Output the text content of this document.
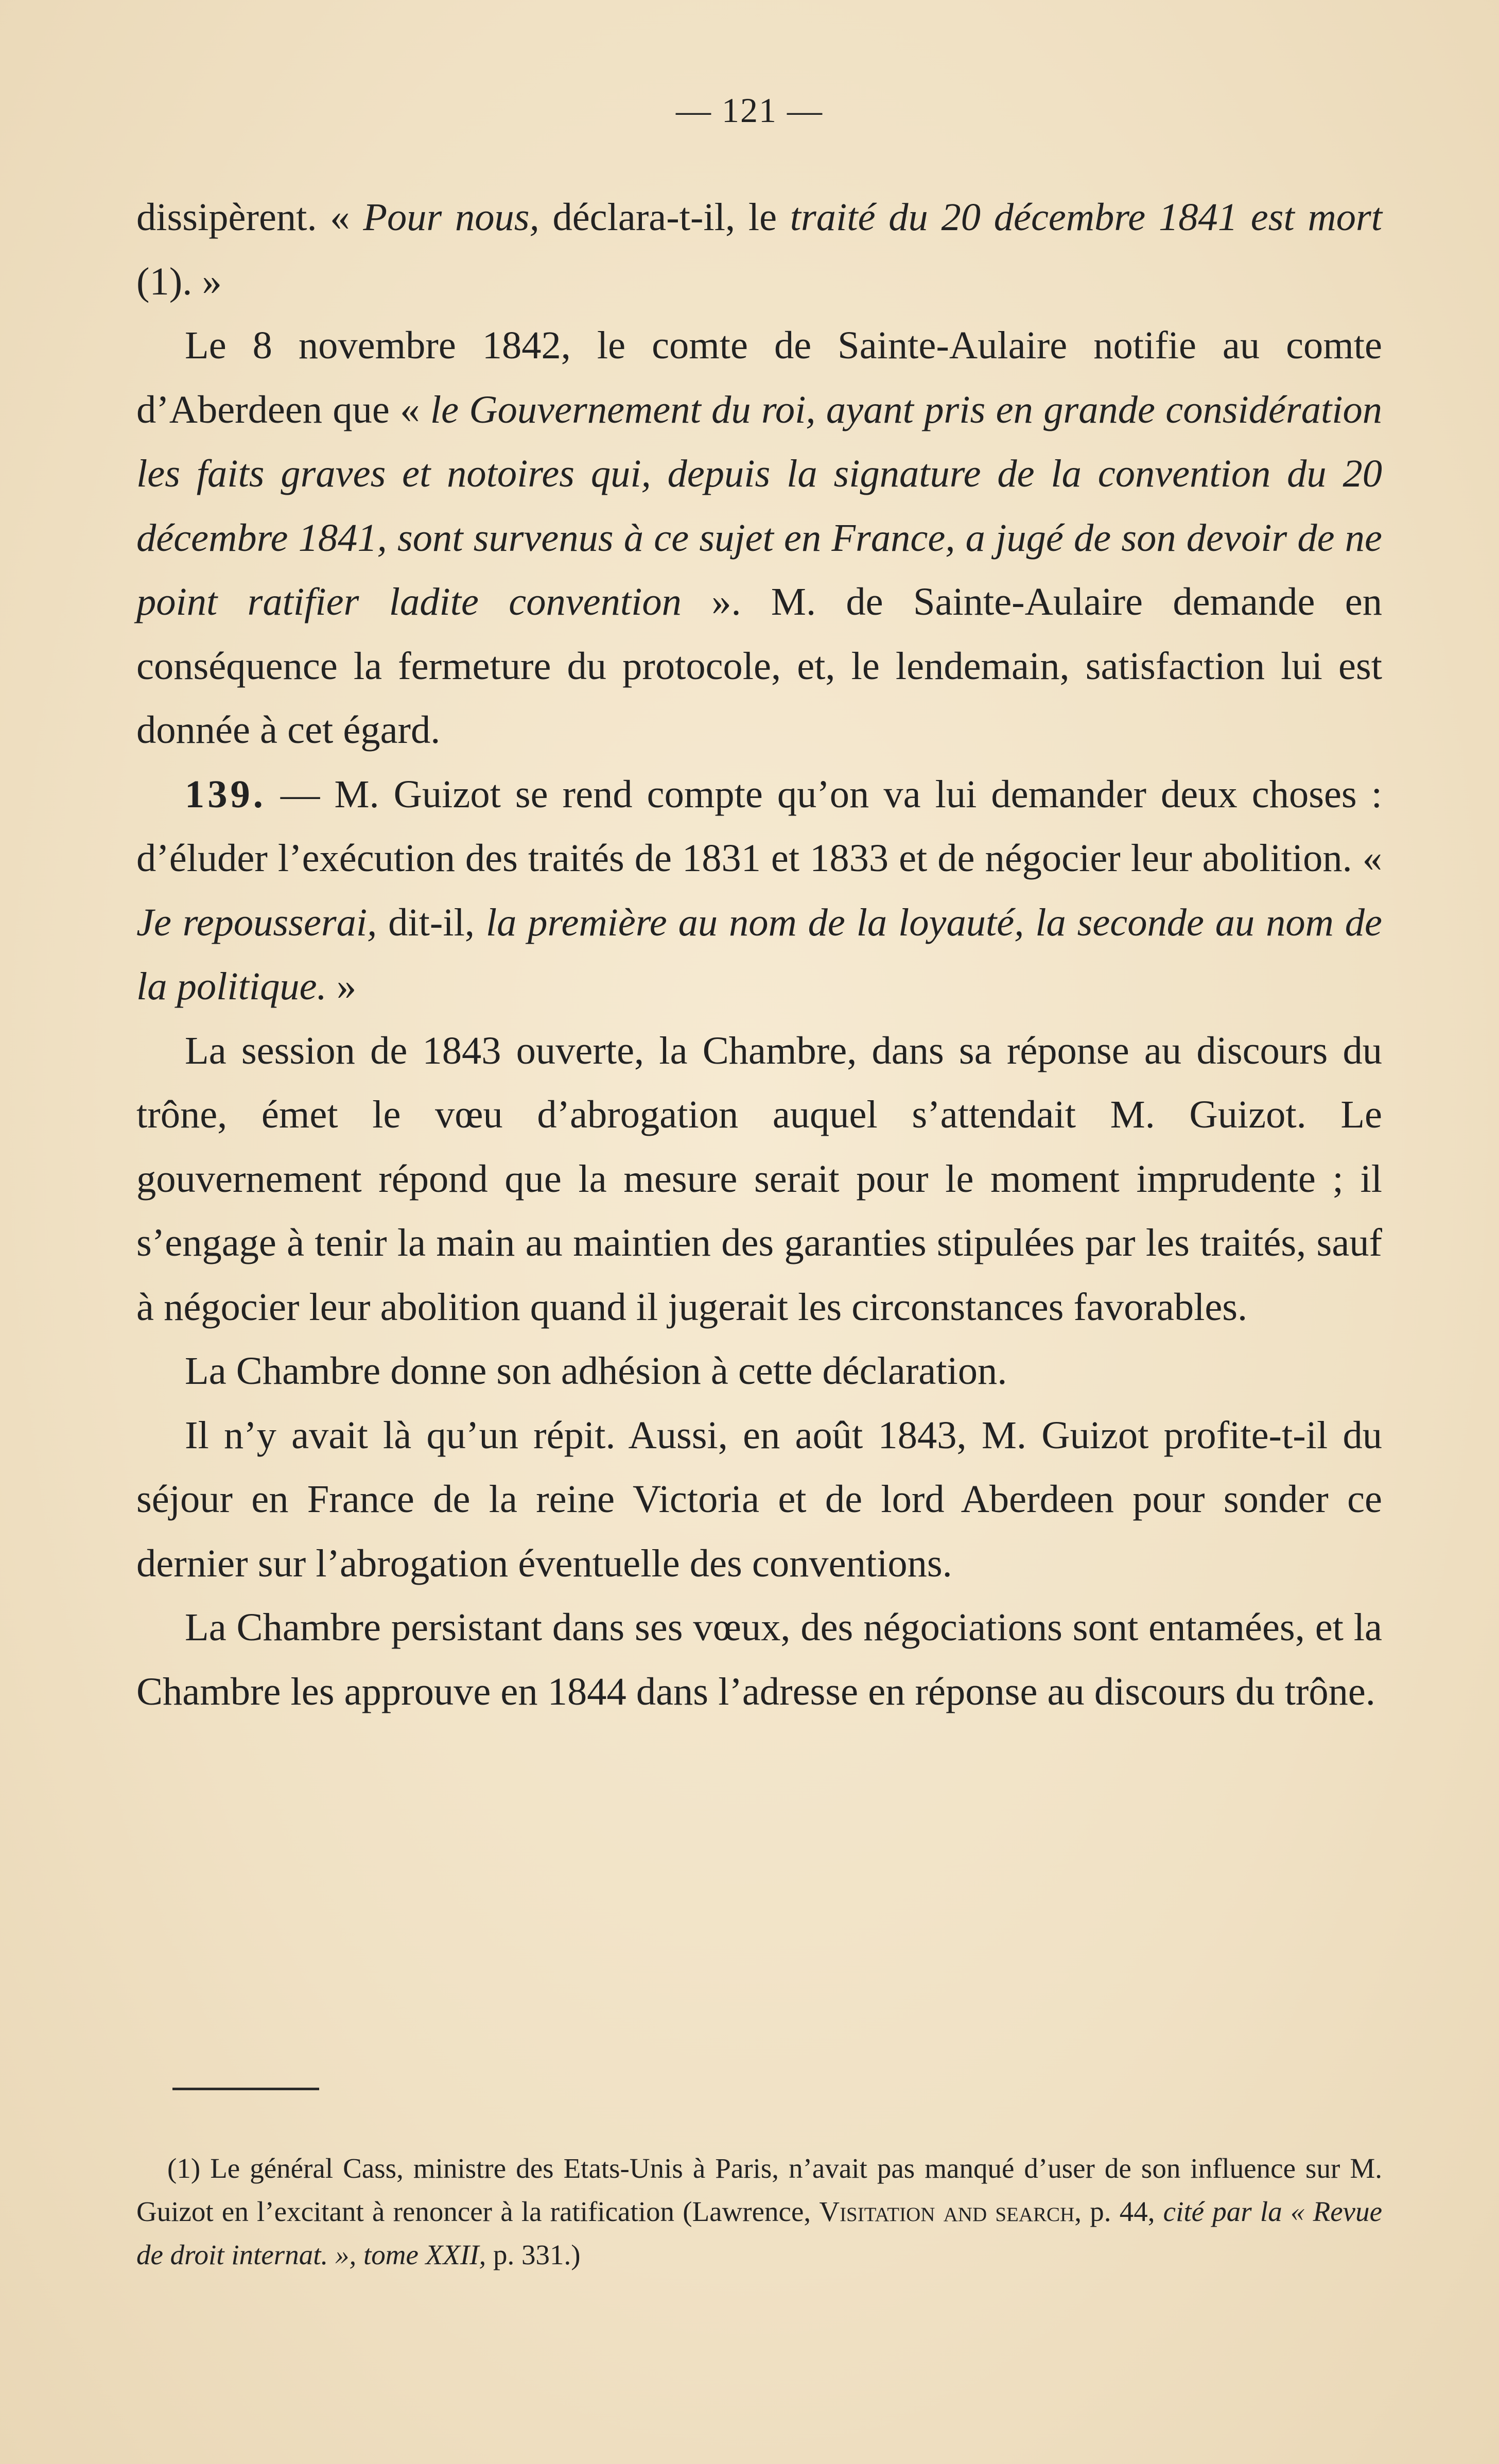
— 121 —

dissipèrent. « Pour nous, déclara-t-il, le traité du 20 décembre 1841 est mort (1). »

Le 8 novembre 1842, le comte de Sainte-Aulaire notifie au comte d’Aberdeen que « le Gouvernement du roi, ayant pris en grande considération les faits graves et notoires qui, depuis la signature de la convention du 20 décembre 1841, sont survenus à ce sujet en France, a jugé de son devoir de ne point ratifier ladite convention ». M. de Sainte-Aulaire demande en conséquence la fermeture du protocole, et, le lendemain, satisfaction lui est donnée à cet égard.

139. — M. Guizot se rend compte qu’on va lui demander deux choses : d’éluder l’exécution des traités de 1831 et 1833 et de négocier leur abolition. « Je repousserai, dit-il, la première au nom de la loyauté, la seconde au nom de la politique. »

La session de 1843 ouverte, la Chambre, dans sa réponse au discours du trône, émet le vœu d’abrogation auquel s’attendait M. Guizot. Le gouvernement répond que la mesure serait pour le moment imprudente ; il s’engage à tenir la main au maintien des garanties stipulées par les traités, sauf à négocier leur abolition quand il jugerait les circonstances favorables.

La Chambre donne son adhésion à cette déclaration.

Il n’y avait là qu’un répit. Aussi, en août 1843, M. Guizot profite-t-il du séjour en France de la reine Victoria et de lord Aberdeen pour sonder ce dernier sur l’abrogation éventuelle des conventions.

La Chambre persistant dans ses vœux, des négociations sont entamées, et la Chambre les approuve en 1844 dans l’adresse en réponse au discours du trône.

(1) Le général Cass, ministre des Etats-Unis à Paris, n’avait pas manqué d’user de son influence sur M. Guizot en l’excitant à renoncer à la ratification (Lawrence, Visitation and search, p. 44, cité par la « Revue de droit internat. », tome XXII, p. 331.)
